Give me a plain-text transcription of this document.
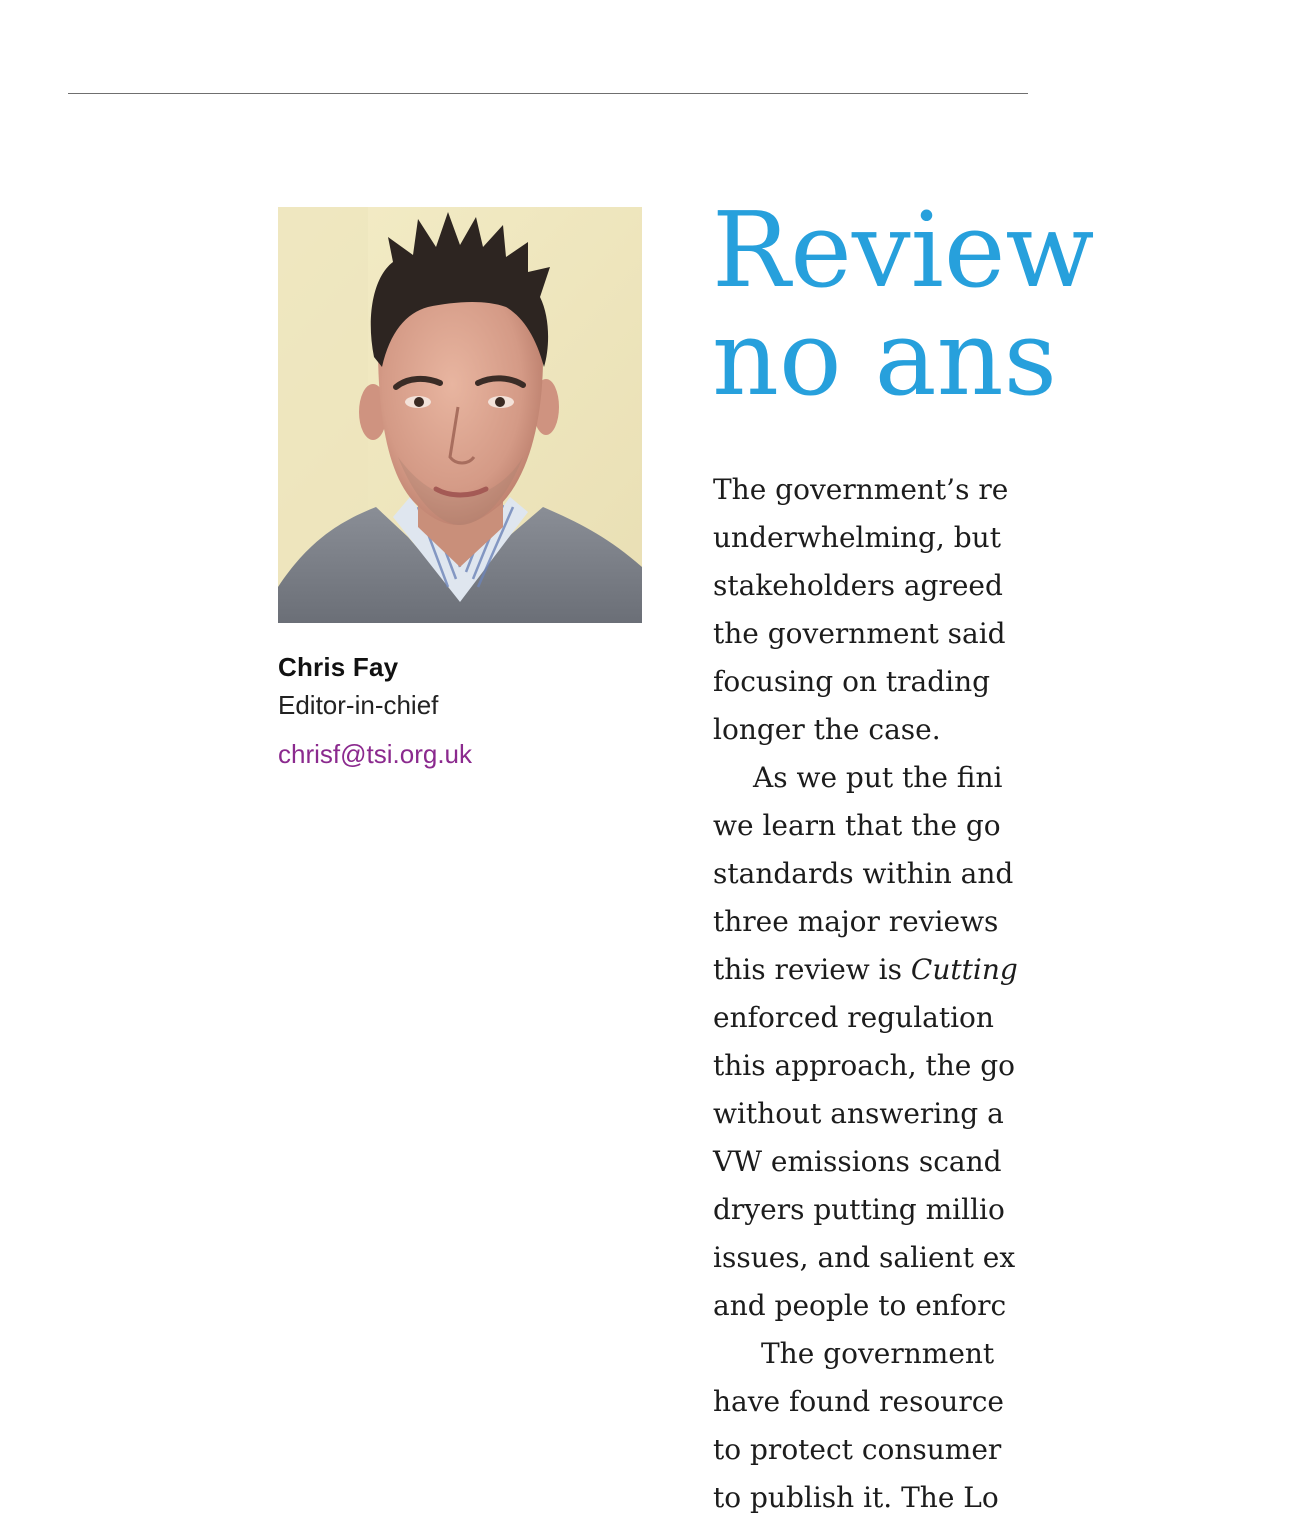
Chris Fay
Editor-in-chief
chrisf@tsi.org.uk
Review
no ans
The government’s re
underwhelming, but
stakeholders agreed
the government said
focusing on trading
longer the case.
As we put the fini
we learn that the go
standards within and
three major reviews
this review is Cutting
enforced regulation
this approach, the go
without answering a
VW emissions scand
dryers putting millio
issues, and salient ex
and people to enforc
The government
have found resource
to protect consumer
to publish it. The Lo
